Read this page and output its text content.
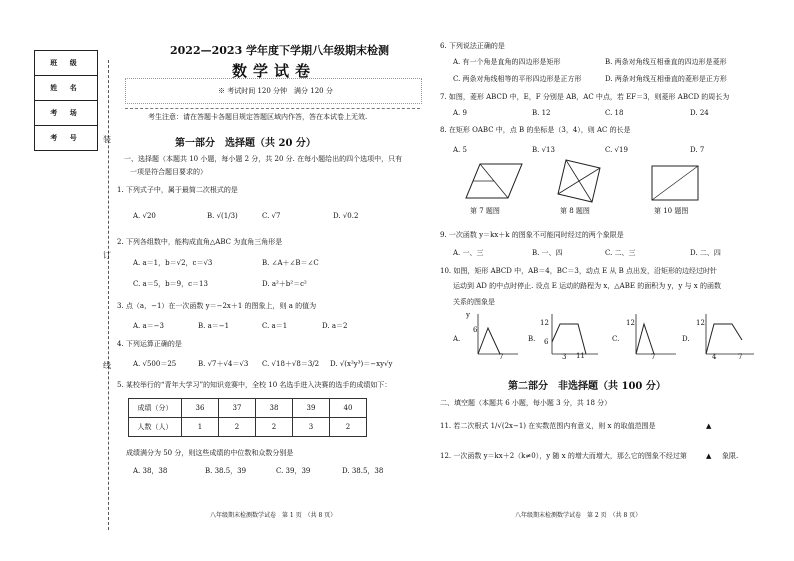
班 级
姓 名
考 场
考 号	装
订
线
2022—2023 学年度下学期八年级期末检测
数学试卷
※ 考试时间 120 分钟　满分 120 分
考生注意：请在答题卡各题目规定答题区域内作答，答在本试卷上无效.
第一部分　选择题（共 20 分）
一、选择题（本题共 10 小题，每小题 2 分，共 20 分. 在每小题给出的四个选项中，只有
一项是符合题目要求的）
1. 下列式子中，属于最简二次根式的是
A. √20	B. √(1/3)	C. √7	D. √0.2
2. 下列各组数中，能构成直角△ABC 为直角三角形是
A. a＝1，b＝√2，c＝√3	B. ∠A＋∠B＝∠C
C. a＝5，b＝9，c＝13	D. a²＋b²＝c²
3. 点（a，−1）在一次函数 y＝−2x＋1 的图象上，则 a 的值为
A. a＝−3	B. a＝−1	C. a＝1	D. a＝2
4. 下列运算正确的是
A. √500＝25	B. √7＋√4＝√3 C. √18＋√8＝3/2 D. √(x²y³)＝−xy√y
5. 某校举行的“青年大学习”的知识竞赛中，全校 10 名选手进入决赛的选手的成绩如下：
成绩（分）	36	37	38	39	40
人数（人）	1	2	2	3	2
成绩满分为 50 分，则这些成绩的中位数和众数分别是
A. 38，38	B. 38.5，39	C. 39，39	D. 38.5，38
八年级期末检测数学试卷　第 1 页　（共 8 页）
6. 下列说法正确的是
A. 有一个角是直角的四边形是矩形	B. 两条对角线互相垂直的四边形是菱形
C. 两条对角线相等的平形四边形是正方形	D. 两条对角线互相垂直的菱形是正方形
7. 如图，菱形 ABCD 中，E，F 分别是 AB，AC 中点，若 EF＝3，则菱形 ABCD 的周长为
A. 9	B. 12	C. 18	D. 24
8. 在矩形 OABC 中，点 B 的坐标是（3，4），则 AC 的长是
A. 5	B. √13	C. √19	D. 7
第 7 题图	第 8 题图	第 10 题图
9. 一次函数 y＝kx＋k 的图象不可能同时经过的两个象限是
A. 一、三	B. 一、四	C. 二、三	D. 二、四
10. 如图，矩形 ABCD 中，AB＝4，BC＝3，动点 E 从 B 点出发，沿矩形的边经过时针
运动到 AD 的中点时停止. 设点 E 运动的路程为 x，△ABE 的面积为 y，y 与 x 的函数
关系的图象是
A.
y
6
7
B.
12
6
3 11
C.
12
7
D.
12
4	7
第二部分　非选择题（共 100 分）
二、填空题（本题共 6 小题，每小题 3 分，共 18 分）
11. 若二次根式 1/√(2x−1) 在实数范围内有意义，则 x 的取值范围是	▲
12. 一次函数 y＝kx＋2（k≠0），y 随 x 的增大而增大，那么它的图象不经过第	▲ 象限.
八年级期末检测数学试卷　第 2 页　（共 8 页）
